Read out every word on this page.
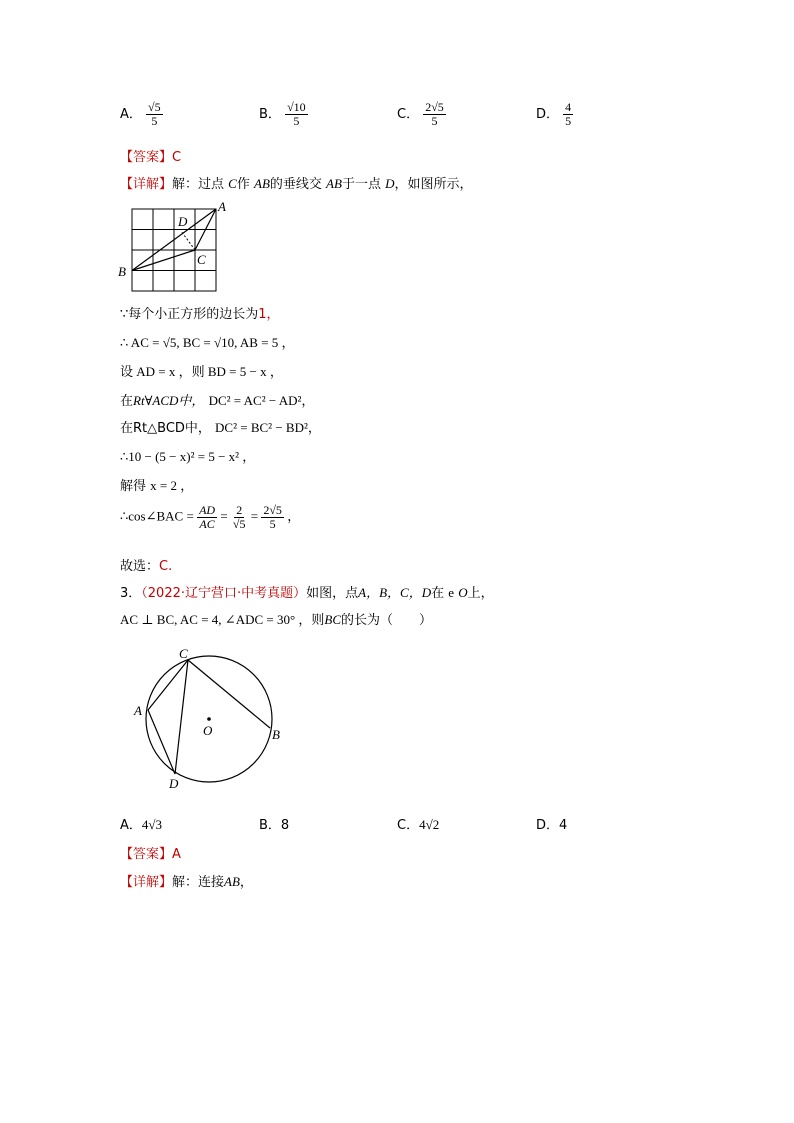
A． $\frac{√5}{5}$	B． $\frac{√10}{5}$	C． $\frac{2√5}{5}$	D． $\frac{4}{5}$
【答案】C
【详解】解：过点 C作 AB的垂线交 AB于一点 D，如图所示，
A
B
C
D
∵每个小正方形的边长为1，
∴ AC = √5, BC = √10, AB = 5 ，
设 AD = x ，则 BD = 5 − x ，
在Rt∀ACD中， DC² = AC² − AD²，
在Rt△BCD中， DC² = BC² − BD²，
∴10 − (5 − x)² = 5 − x² ，
解得 x = 2 ，
∴cos∠BAC = $\frac{AD}{AC} = \frac{2}{√5} = \frac{2√5}{5}$ ，
故选：C.
3．（2022·辽宁营口·中考真题）如图，点A，B，C，D在 e O上，
AC ⊥ BC, AC = 4, ∠ADC = 30° ，则BC的长为（　　）
C
A
B
D
O
A．4√3	B．8	C．4√2	D．4
【答案】A
【详解】解：连接AB，
